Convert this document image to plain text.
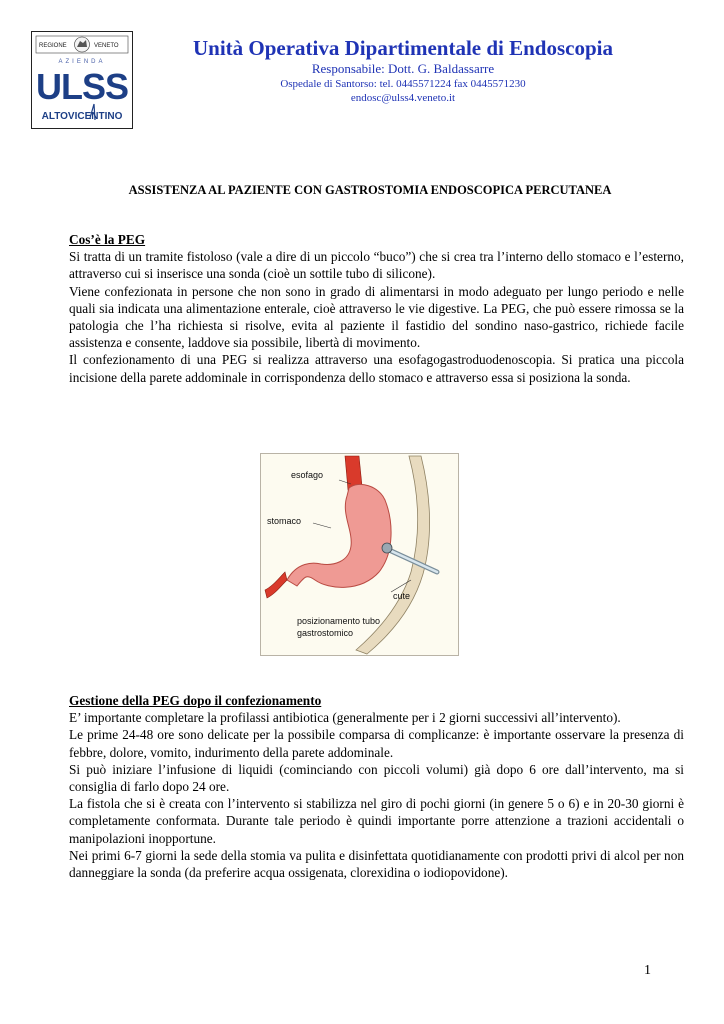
REGIONE	VENETO
AZIENDA
ULSS
ALTOVICENTINO
Unità Operativa Dipartimentale di Endoscopia
Responsabile: Dott. G. Baldassarre
Ospedale di Santorso: tel. 0445571224 fax 0445571230
endosc@ulss4.veneto.it
ASSISTENZA AL PAZIENTE CON GASTROSTOMIA ENDOSCOPICA PERCUTANEA
Cos’è la PEG

Si tratta di un tramite fistoloso (vale a dire di un piccolo “buco”) che si crea tra l’interno dello stomaco e l’esterno, attraverso cui si inserisce una sonda (cioè un sottile tubo di silicone).

Viene confezionata in persone che non sono in grado di alimentarsi in modo adeguato per lungo periodo e nelle quali sia indicata una alimentazione enterale, cioè attraverso le vie digestive. La PEG, che può essere rimossa se la patologia che l’ha richiesta si risolve, evita al paziente il fastidio del sondino naso-gastrico, richiede facile assistenza e consente, laddove sia possibile, libertà di movimento.

Il confezionamento di una PEG si realizza attraverso una esofagogastroduodenoscopia. Si pratica una piccola incisione della parete addominale in corrispondenza dello stomaco e attraverso essa si posiziona la sonda.

esofago
stomaco
cute
posizionamento tubo
gastrostomico
Gestione della PEG dopo il confezionamento

E’ importante completare la profilassi antibiotica (generalmente per i 2 giorni successivi all’intervento).

Le prime 24-48 ore sono delicate per la possibile comparsa di complicanze: è importante osservare la presenza di febbre, dolore, vomito, indurimento della parete addominale.

Si può iniziare l’infusione di liquidi (cominciando con piccoli volumi) già dopo 6 ore dall’intervento, ma si consiglia di farlo dopo 24 ore.

La fistola che si è creata con l’intervento si stabilizza nel giro di pochi giorni (in genere 5 o 6) e in 20-30 giorni è completamente conformata. Durante tale periodo è quindi importante porre attenzione a trazioni accidentali o manipolazioni inopportune.

Nei primi 6-7 giorni la sede della stomia va pulita e disinfettata quotidianamente con prodotti privi di alcol per non danneggiare la sonda (da preferire acqua ossigenata, clorexidina o iodiopovidone).

1
